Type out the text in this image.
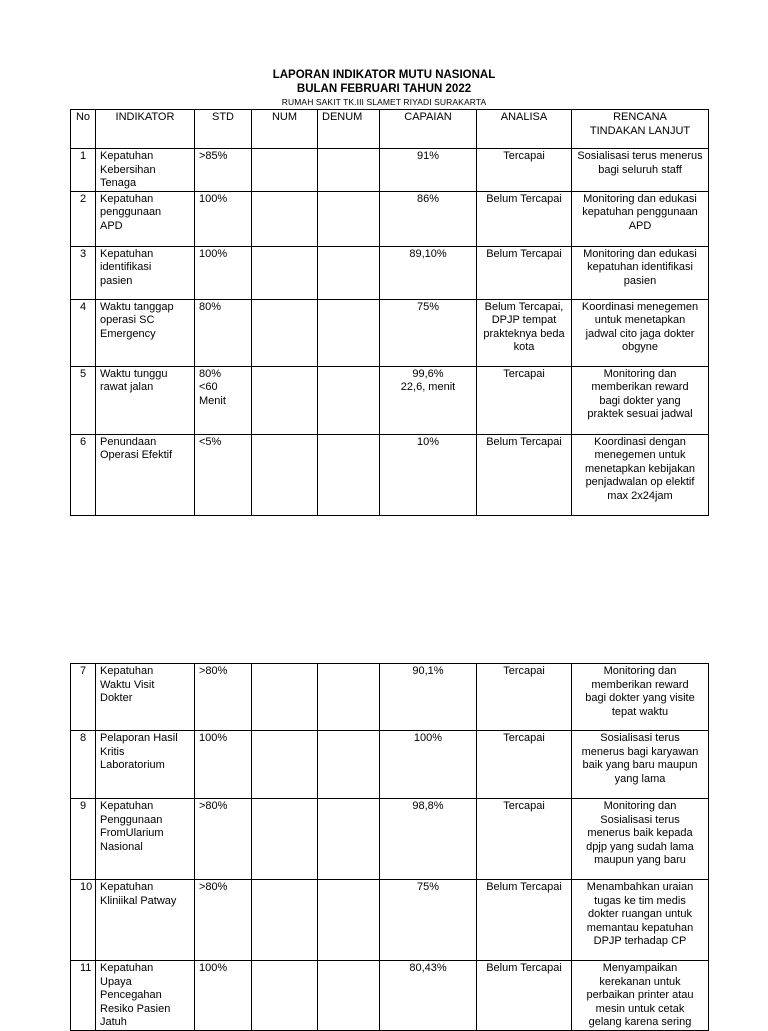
LAPORAN INDIKATOR MUTU NASIONAL
BULAN FEBRUARI TAHUN 2022
RUMAH SAKIT TK.III SLAMET RIYADI SURAKARTA
No	INDIKATOR	STD	NUM	DENUM	CAPAIAN	ANALISA	RENCANA
TINDAKAN LANJUT
1	Kepatuhan
Kebersihan
Tenaga	>85%			91%	Tercapai	Sosialisasi terus menerus
bagi seluruh staff
2	Kepatuhan
penggunaan
APD	100%			86%	Belum Tercapai	Monitoring dan edukasi
kepatuhan penggunaan
APD
3	Kepatuhan
identifikasi
pasien	100%			89,10%	Belum Tercapai	Monitoring dan edukasi
kepatuhan identifikasi
pasien
4	Waktu tanggap
operasi SC
Emergency	80%			75%	Belum Tercapai,
DPJP tempat
prakteknya beda
kota	Koordinasi menegemen
untuk menetapkan
jadwal cito jaga dokter
obgyne
5	Waktu tunggu
rawat jalan	80%
<60
Menit			99,6%
22,6, menit	Tercapai	Monitoring dan
memberikan reward
bagi dokter yang
praktek sesuai jadwal
6	Penundaan
Operasi Efektif	<5%			10%	Belum Tercapai	Koordinasi dengan
menegemen untuk
menetapkan kebijakan
penjadwalan op elektif
max 2x24jam
7	Kepatuhan
Waktu Visit
Dokter	>80%			90,1%	Tercapai	Monitoring dan
memberikan reward
bagi dokter yang visite
tepat waktu
8	Pelaporan Hasil
Kritis
Laboratorium	100%			100%	Tercapai	Sosialisasi terus
menerus bagi karyawan
baik yang baru maupun
yang lama
9	Kepatuhan
Penggunaan
FromUlarium
Nasional	>80%			98,8%	Tercapai	Monitoring dan
Sosialisasi terus
menerus baik kepada
dpjp yang sudah lama
maupun yang baru
10	Kepatuhan
Kliniikal Patway	>80%			75%	Belum Tercapai	Menambahkan uraian
tugas ke tim medis
dokter ruangan untuk
memantau kepatuhan
DPJP terhadap CP
11	Kepatuhan
Upaya
Pencegahan
Resiko Pasien
Jatuh	100%			80,43%	Belum Tercapai	Menyampaikan
kerekanan untuk
perbaikan printer atau
mesin untuk cetak
gelang karena sering
